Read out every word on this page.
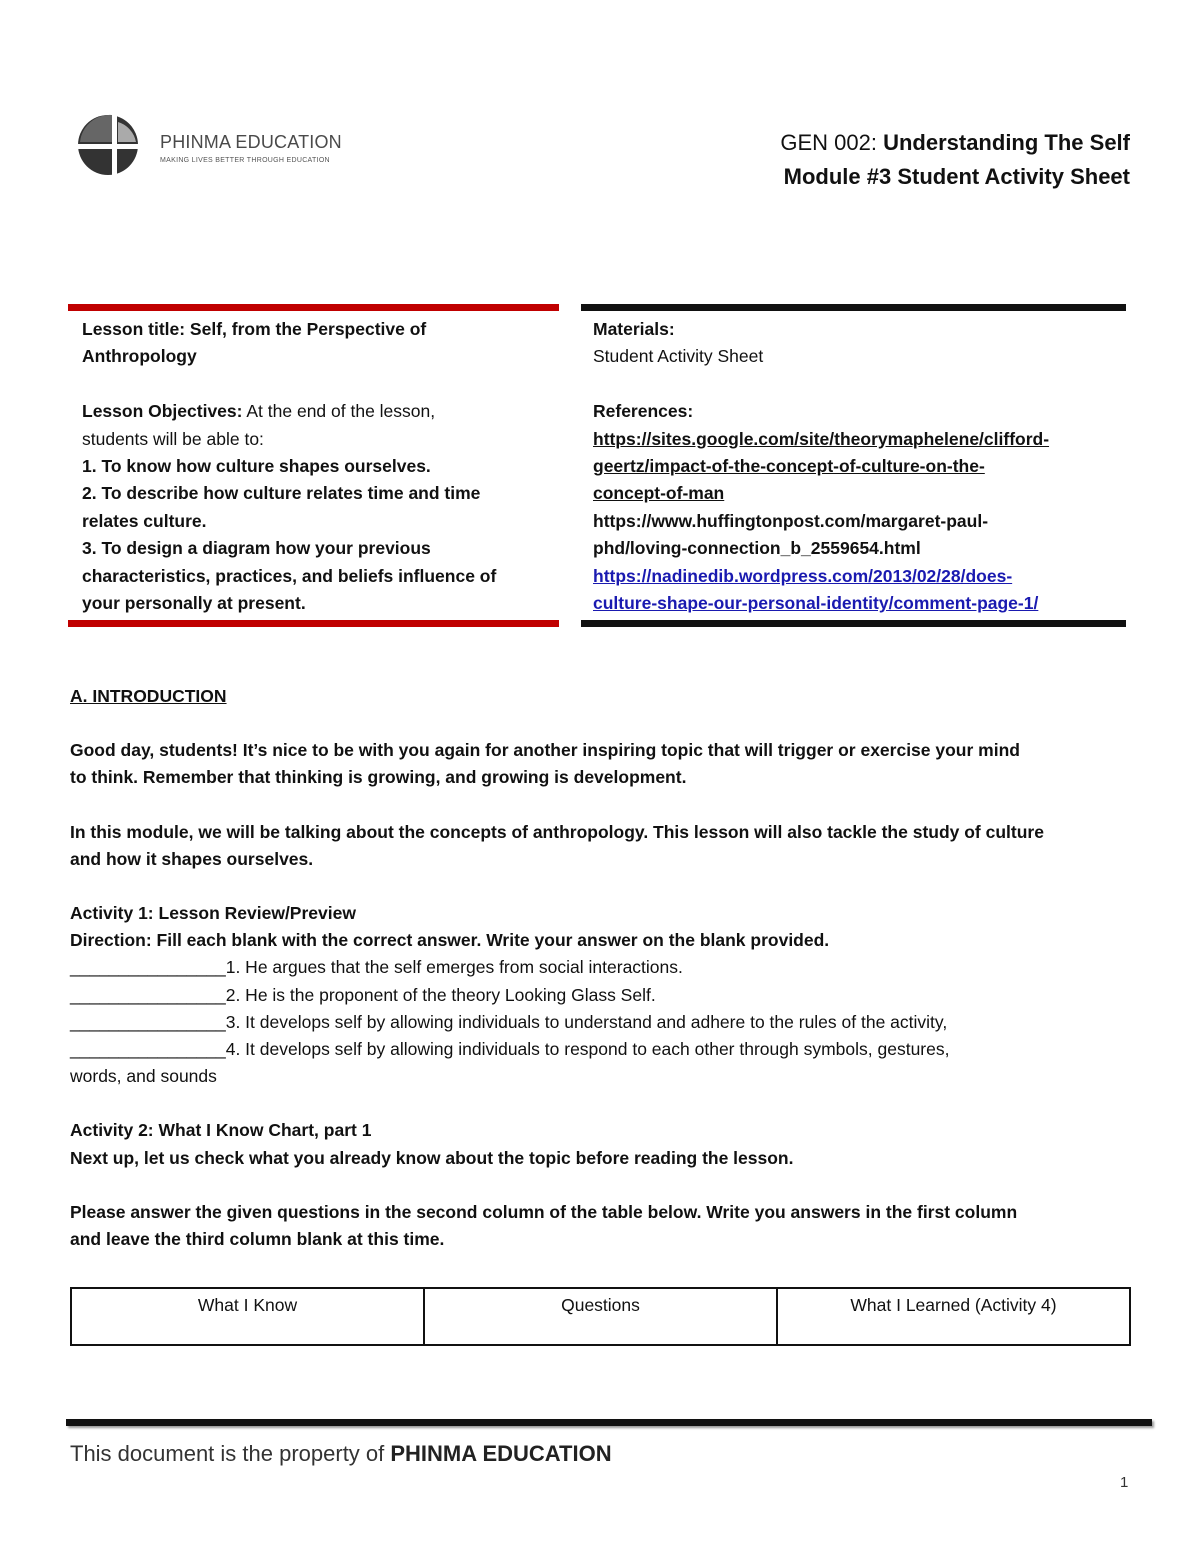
PHINMA EDUCATION
MAKING LIVES BETTER THROUGH EDUCATION
GEN 002: Understanding The Self
Module #3 Student Activity Sheet

Lesson title: Self, from the Perspective of

Anthropology

Lesson Objectives: At the end of the lesson,

students will be able to:

1. To know how culture shapes ourselves.

2. To describe how culture relates time and time

relates culture.

3. To design a diagram how your previous

characteristics, practices, and beliefs influence of

your personally at present.

Materials:

Student Activity Sheet

References:

https://sites.google.com/site/theorymaphelene/clifford-

geertz/impact-of-the-concept-of-culture-on-the-

concept-of-man

https://www.huffingtonpost.com/margaret-paul-

phd/loving-connection_b_2559654.html

https://nadinedib.wordpress.com/2013/02/28/does-

culture-shape-our-personal-identity/comment-page-1/

A. INTRODUCTION

Good day, students! It’s nice to be with you again for another inspiring topic that will trigger or exercise your mind

to think. Remember that thinking is growing, and growing is development.

In this module, we will be talking about the concepts of anthropology. This lesson will also tackle the study of culture

and how it shapes ourselves.

Activity 1: Lesson Review/Preview

Direction: Fill each blank with the correct answer. Write your answer on the blank provided.

________________1. He argues that the self emerges from social interactions.

________________2. He is the proponent of the theory Looking Glass Self.

________________3. It develops self by allowing individuals to understand and adhere to the rules of the activity,

________________4. It develops self by allowing individuals to respond to each other through symbols, gestures,

words, and sounds

Activity 2: What I Know Chart, part 1

Next up, let us check what you already know about the topic before reading the lesson.

Please answer the given questions in the second column of the table below. Write you answers in the first column

and leave the third column blank at this time.

What I Know	Questions	What I Learned (Activity 4)
This document is the property of PHINMA EDUCATION
1
